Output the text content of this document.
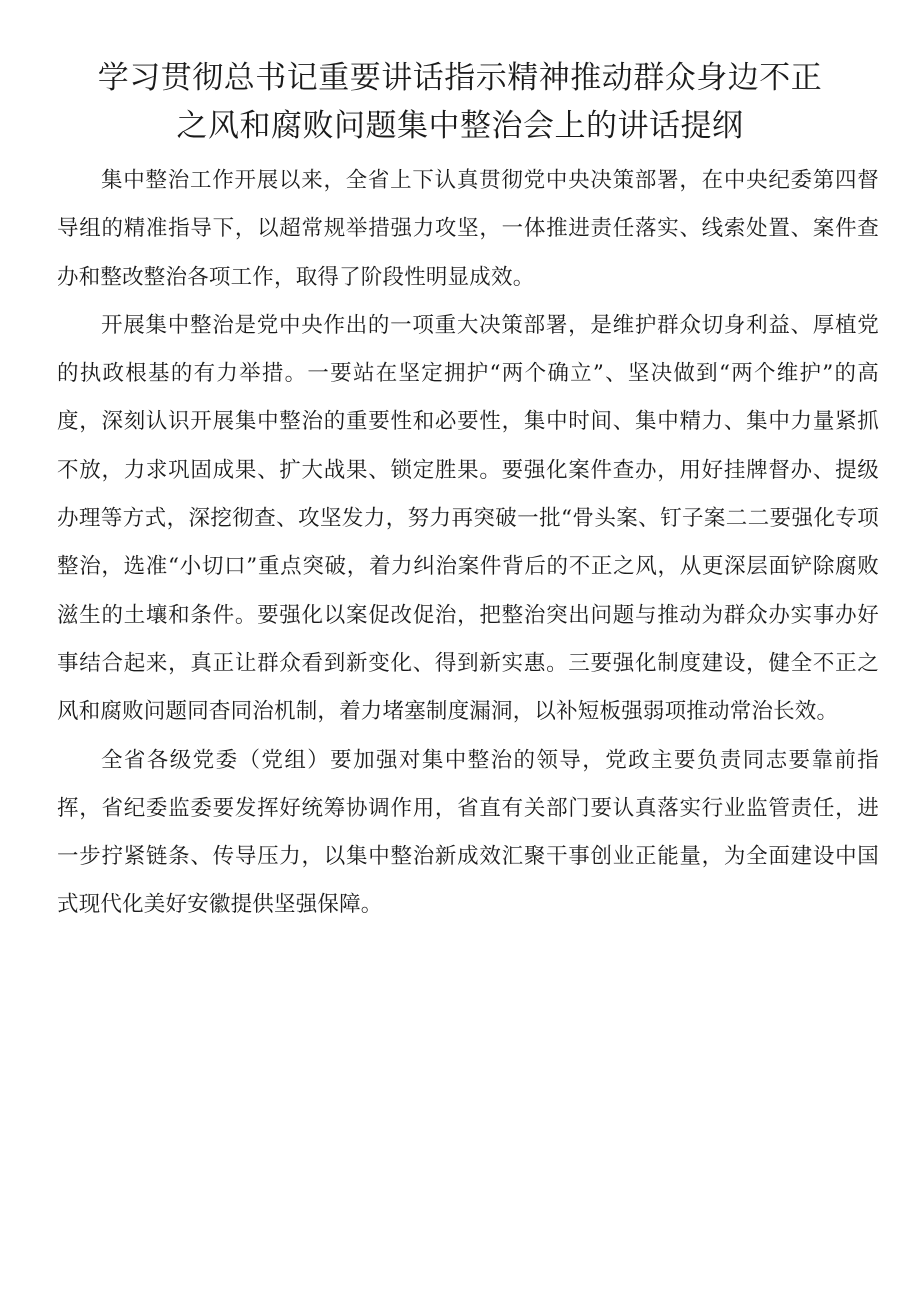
学习贯彻总书记重要讲话指示精神推动群众身边不正
之风和腐败问题集中整治会上的讲话提纲

集中整治工作开展以来，全省上下认真贯彻党中央决策部署，在中央纪委第四督导组的精准指导下，以超常规举措强力攻坚，一体推进责任落实、线索处置、案件查办和整改整治各项工作，取得了阶段性明显成效。

开展集中整治是党中央作出的一项重大决策部署，是维护群众切身利益、厚植党的执政根基的有力举措。一要站在坚定拥护“两个确立”、坚决做到“两个维护”的高度，深刻认识开展集中整治的重要性和必要性，集中时间、集中精力、集中力量紧抓不放，力求巩固成果、扩大战果、锁定胜果。要强化案件查办，用好挂牌督办、提级办理等方式，深挖彻查、攻坚发力，努力再突破一批“骨头案、钉子案二二要强化专项整治，选准“小切口”重点突破，着力纠治案件背后的不正之风，从更深层面铲除腐败滋生的土壤和条件。要强化以案促改促治，把整治突出问题与推动为群众办实事办好事结合起来，真正让群众看到新变化、得到新实惠。三要强化制度建设，健全不正之风和腐败问题同杳同治机制，着力堵塞制度漏洞，以补短板强弱项推动常治长效。

全省各级党委（党组）要加强对集中整治的领导，党政主要负责同志要靠前指挥，省纪委监委要发挥好统筹协调作用，省直有关部门要认真落实行业监管责任，进一步拧紧链条、传导压力，以集中整治新成效汇聚干事创业正能量，为全面建设中国式现代化美好安徽提供坚强保障。
